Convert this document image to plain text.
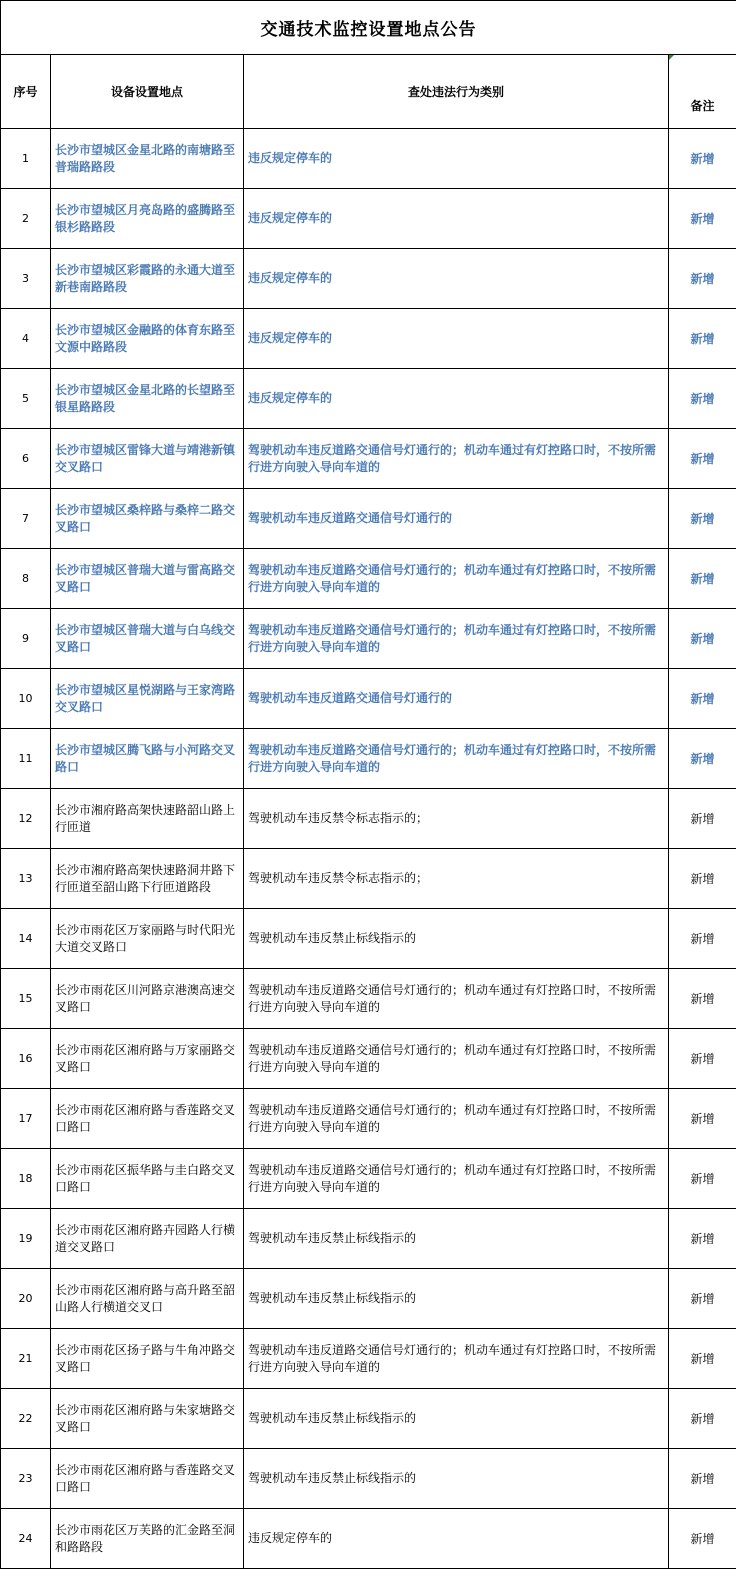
交通技术监控设置地点公告			
序号	设备设置地点	查处违法行为类别	备注
1	长沙市望城区金星北路的南塘路至普瑞路路段	违反规定停车的	新增
2	长沙市望城区月亮岛路的盛腾路至银杉路路段	违反规定停车的	新增
3	长沙市望城区彩霞路的永通大道至新巷南路路段	违反规定停车的	新增
4	长沙市望城区金融路的体育东路至文源中路路段	违反规定停车的	新增
5	长沙市望城区金星北路的长望路至银星路路段	违反规定停车的	新增
6	长沙市望城区雷锋大道与靖港新镇交叉路口	驾驶机动车违反道路交通信号灯通行的；机动车通过有灯控路口时，不按所需行进方向驶入导向车道的	新增
7	长沙市望城区桑梓路与桑梓二路交叉路口	驾驶机动车违反道路交通信号灯通行的	新增
8	长沙市望城区普瑞大道与雷高路交叉路口	驾驶机动车违反道路交通信号灯通行的；机动车通过有灯控路口时，不按所需行进方向驶入导向车道的	新增
9	长沙市望城区普瑞大道与白乌线交叉路口	驾驶机动车违反道路交通信号灯通行的；机动车通过有灯控路口时，不按所需行进方向驶入导向车道的	新增
10	长沙市望城区星悦湖路与王家湾路交叉路口	驾驶机动车违反道路交通信号灯通行的	新增
11	长沙市望城区腾飞路与小河路交叉路口	驾驶机动车违反道路交通信号灯通行的；机动车通过有灯控路口时，不按所需行进方向驶入导向车道的	新增
12	长沙市湘府路高架快速路韶山路上行匝道	驾驶机动车违反禁令标志指示的；	新增
13	长沙市湘府路高架快速路洞井路下行匝道至韶山路下行匝道路段	驾驶机动车违反禁令标志指示的；	新增
14	长沙市雨花区万家丽路与时代阳光大道交叉路口	驾驶机动车违反禁止标线指示的	新增
15	长沙市雨花区川河路京港澳高速交叉路口	驾驶机动车违反道路交通信号灯通行的；机动车通过有灯控路口时，不按所需行进方向驶入导向车道的	新增
16	长沙市雨花区湘府路与万家丽路交叉路口	驾驶机动车违反道路交通信号灯通行的；机动车通过有灯控路口时，不按所需行进方向驶入导向车道的	新增
17	长沙市雨花区湘府路与香莲路交叉口路口	驾驶机动车违反道路交通信号灯通行的；机动车通过有灯控路口时，不按所需行进方向驶入导向车道的	新增
18	长沙市雨花区振华路与圭白路交叉口路口	驾驶机动车违反道路交通信号灯通行的；机动车通过有灯控路口时，不按所需行进方向驶入导向车道的	新增
19	长沙市雨花区湘府路卉园路人行横道交叉路口	驾驶机动车违反禁止标线指示的	新增
20	长沙市雨花区湘府路与高升路至韶山路人行横道交叉口	驾驶机动车违反禁止标线指示的	新增
21	长沙市雨花区扬子路与牛角冲路交叉路口	驾驶机动车违反道路交通信号灯通行的；机动车通过有灯控路口时，不按所需行进方向驶入导向车道的	新增
22	长沙市雨花区湘府路与朱家塘路交叉路口	驾驶机动车违反禁止标线指示的	新增
23	长沙市雨花区湘府路与香莲路交叉口路口	驾驶机动车违反禁止标线指示的	新增
24	长沙市雨花区万芙路的汇金路至洞和路路段	违反规定停车的	新增
